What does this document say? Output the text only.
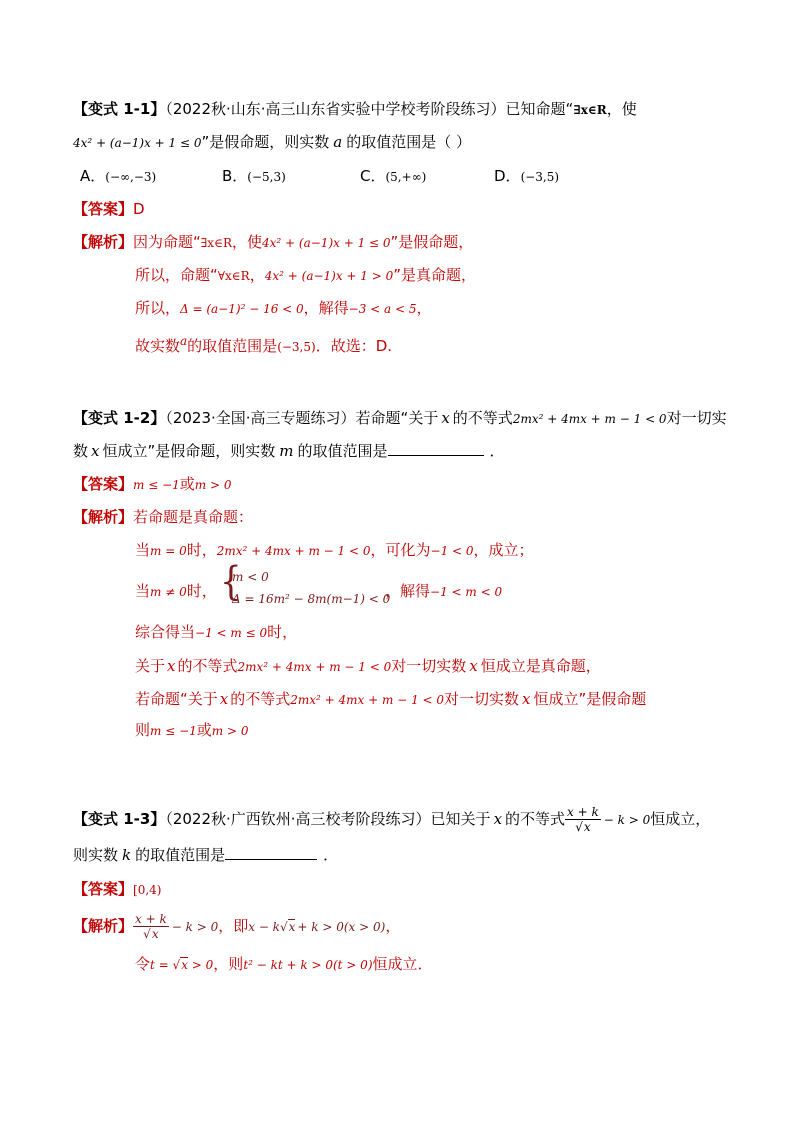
【变式 1-1】（2022秋·山东·高三山东省实验中学校考阶段练习）已知命题“∃x∈R，使
4x² + (a−1)x + 1 ≤ 0”是假命题，则实数 a 的取值范围是（ ）
A．(−∞,−3)	B．(−5,3)	C．(5,+∞)	D．(−3,5)
【答案】D
【解析】因为命题“∃x∈R，使4x² + (a−1)x + 1 ≤ 0”是假命题，
所以，命题“∀x∈R，4x² + (a−1)x + 1 > 0”是真命题，
所以，Δ = (a−1)² − 16 < 0，解得−3 < a < 5，
故实数$^a$的取值范围是(−3,5)．故选：D.
【变式 1-2】（2023·全国·高三专题练习）若命题“关于 x 的不等式2mx² + 4mx + m − 1 < 0对一切实
数 x 恒成立”是假命题，则实数 m 的取值范围是	．
【答案】m ≤ −1或m > 0
【解析】若命题是真命题：
当m = 0时，2mx² + 4mx + m − 1 < 0，可化为−1 < 0，成立；
当m ≠ 0时， {
m < 0
Δ = 16m² − 8m(m−1) < 0
，解得−1 < m < 0
综合得当−1 < m ≤ 0时，
关于 x 的不等式2mx² + 4mx + m − 1 < 0对一切实数 x 恒成立是真命题，
若命题“关于 x 的不等式2mx² + 4mx + m − 1 < 0对一切实数 x 恒成立”是假命题
则m ≤ −1或m > 0
【变式 1-3】（2022秋·广西钦州·高三校考阶段练习）已知关于 x 的不等式 $\frac{x + k}{√x} - k > 0$恒成立，
则实数 k 的取值范围是	．
【答案】[0,4)
【解析】 $\frac{x + k}{√x} - k > 0$，即x − k√x + k > 0(x > 0)，
令t = √x > 0，则t² − kt + k > 0(t > 0)恒成立．
